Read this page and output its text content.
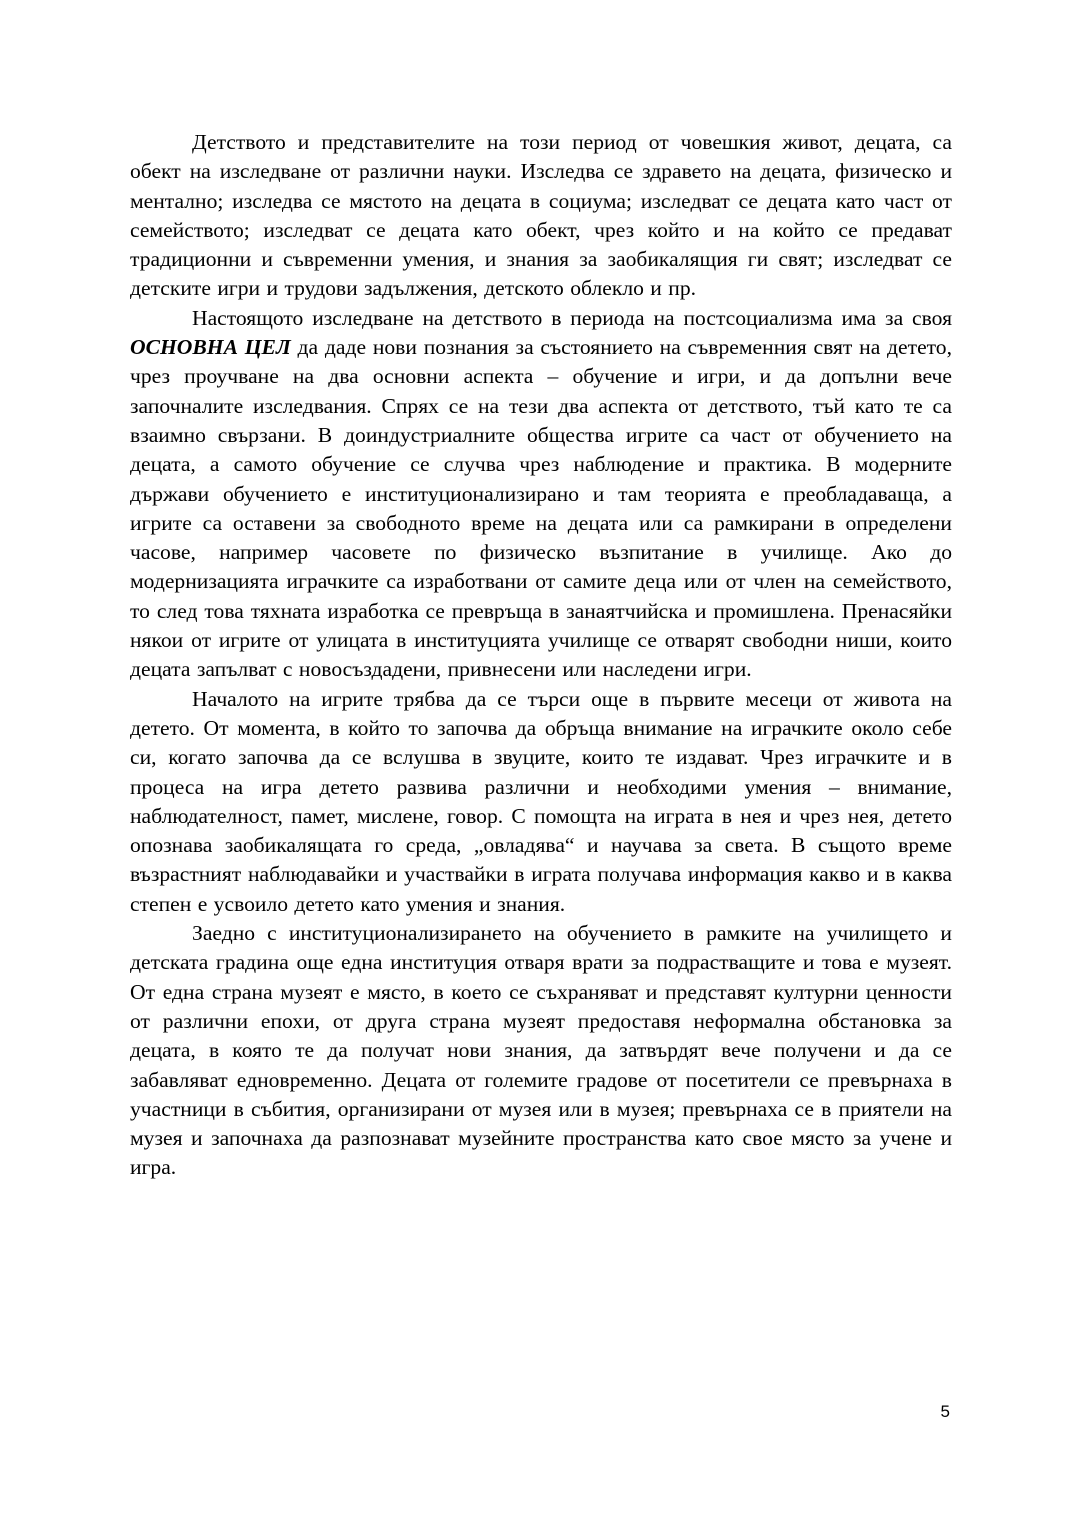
Детството и представителите на този период от човешкия живот, децата, са обект на изследване от различни науки. Изследва се здравето на децата, физическо и ментално; изследва се мястото на децата в социума; изследват се децата като част от семейството; изследват се децата като обект, чрез който и на който се предават традиционни и съвременни умения, и знания за заобикалящия ги свят; изследват се детските игри и трудови задължения, детското облекло и пр.

Настоящото изследване на детството в периода на постсоциализма има за своя ОСНОВНА ЦЕЛ да даде нови познания за състоянието на съвременния свят на детето, чрез проучване на два основни аспекта – обучение и игри, и да допълни вече започналите изследвания. Спрях се на тези два аспекта от детството, тъй като те са взаимно свързани. В доиндустриалните общества игрите са част от обучението на децата, а самото обучение се случва чрез наблюдение и практика. В модерните държави обучението е институционализирано и там теорията е преобладаваща, а игрите са оставени за свободното време на децата или са рамкирани в определени часове, например часовете по физическо възпитание в училище. Ако до модернизацията играчките са изработвани от самите деца или от член на семейството, то след това тяхната изработка се превръща в занаятчийска и промишлена. Пренасяйки някои от игрите от улицата в институцията училище се отварят свободни ниши, които децата запълват с новосъздадени, привнесени или наследени игри.

Началото на игрите трябва да се търси още в първите месеци от живота на детето. От момента, в който то започва да обръща внимание на играчките около себе си, когато започва да се вслушва в звуците, които те издават. Чрез играчките и в процеса на игра детето развива различни и необходими умения – внимание, наблюдателност, памет, мислене, говор. С помощта на играта в нея и чрез нея, детето опознава заобикалящата го среда, „овладява“ и научава за света. В същото време възрастният наблюдавайки и участвайки в играта получава информация какво и в каква степен е усвоило детето като умения и знания.

Заедно с институционализирането на обучението в рамките на училището и детската градина още една институция отваря врати за подрастващите и това е музеят. От една страна музеят е място, в което се съхраняват и представят културни ценности от различни епохи, от друга страна музеят предоставя неформална обстановка за децата, в която те да получат нови знания, да затвърдят вече получени и да се забавляват едновременно. Децата от големите градове от посетители се превърнаха в участници в събития, организирани от музея или в музея; превърнаха се в приятели на музея и започнаха да разпознават музейните пространства като свое място за учене и игра.

5
